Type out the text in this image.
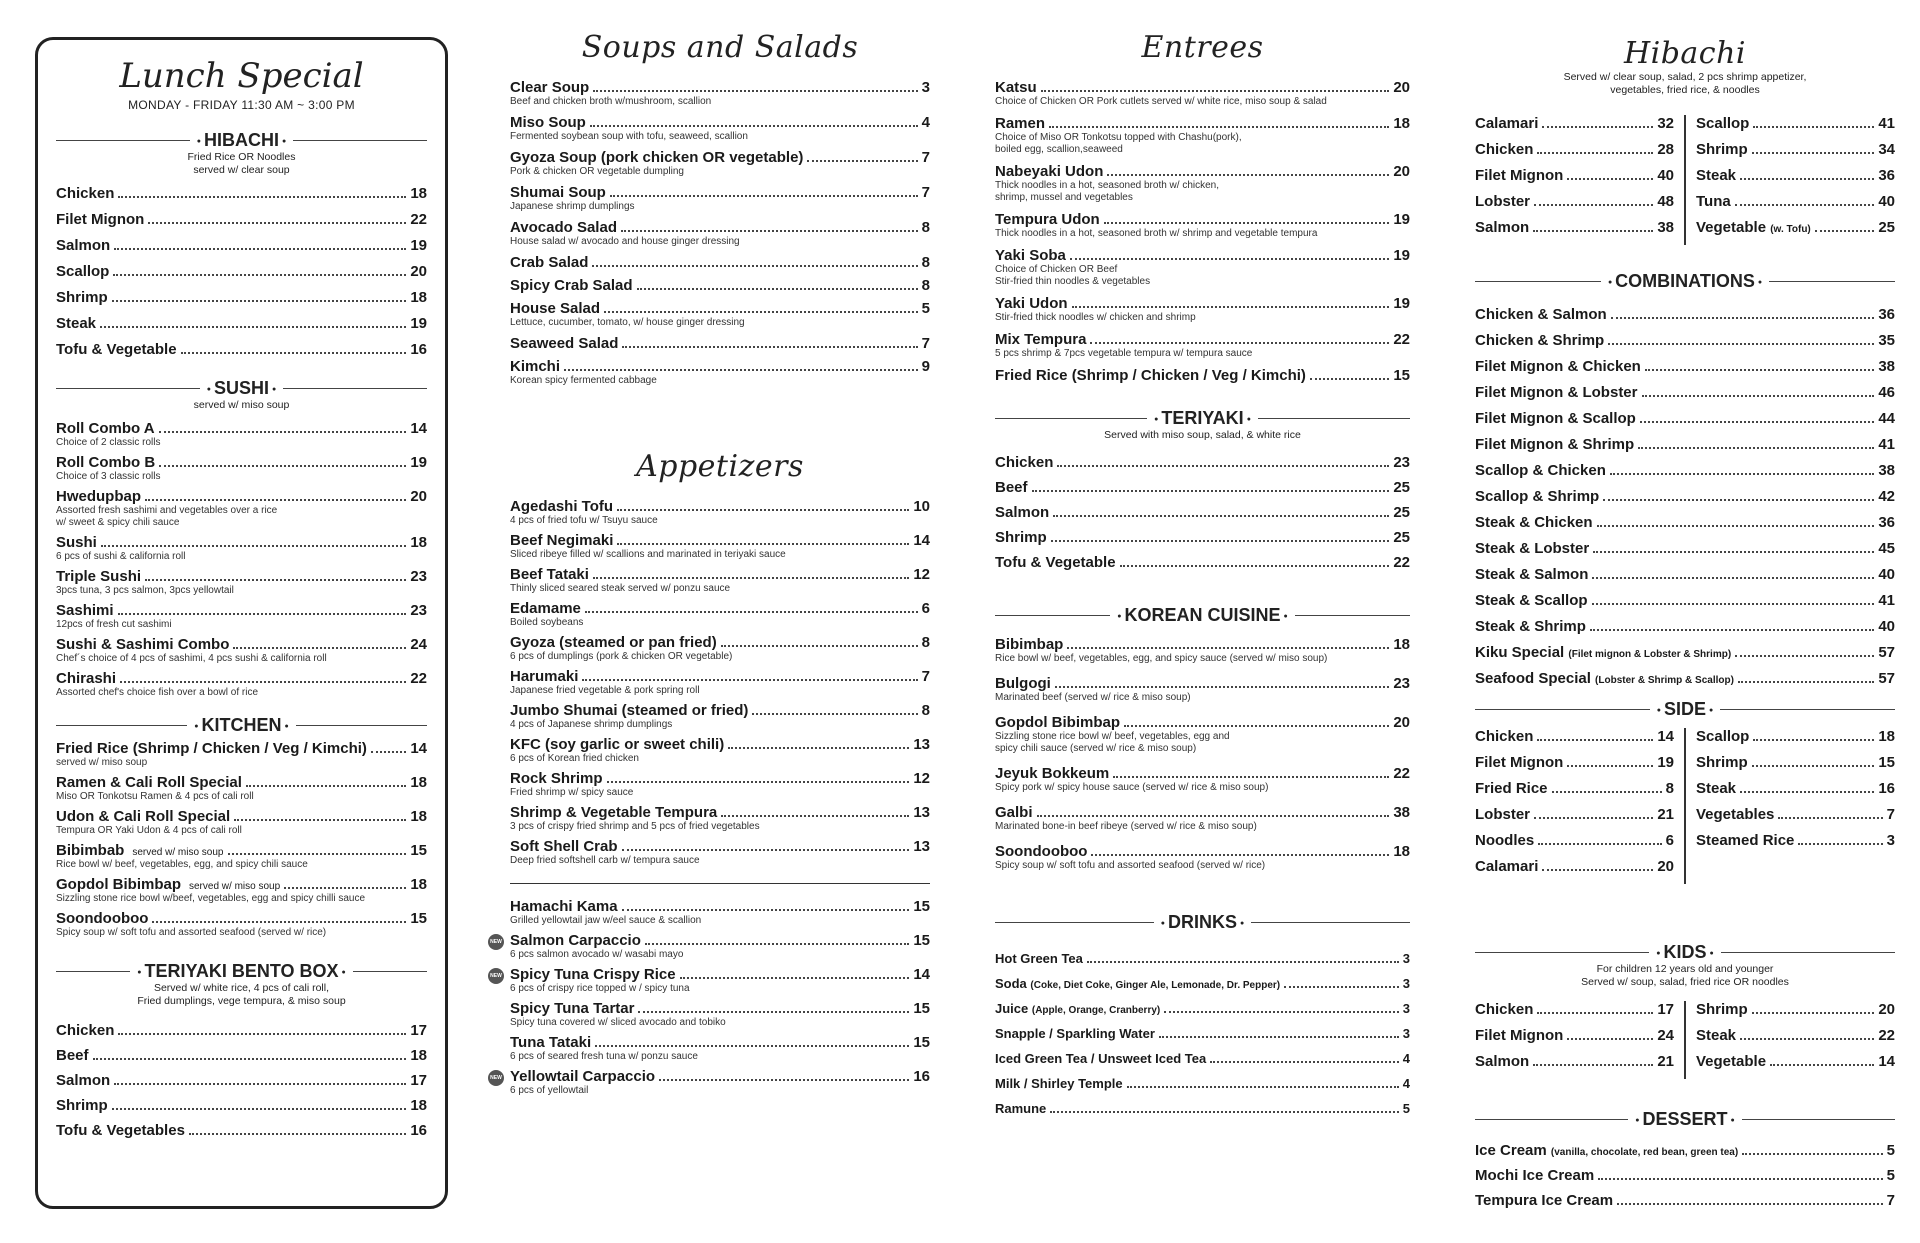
Lunch Special
MONDAY - FRIDAY 11:30 AM ~ 3:00 PM
● HIBACHI ●
Fried Rice OR Noodles
served w/ clear soup
Chicken	18
Filet Mignon	22
Salmon	19
Scallop	20
Shrimp	18
Steak	19
Tofu & Vegetable	16
● SUSHI ●
served w/ miso soup
Roll Combo A	14
Choice of 2 classic rolls
Roll Combo B	19
Choice of 3 classic rolls
Hwedupbap	20
Assorted fresh sashimi and vegetables over a rice
w/ sweet & spicy chili sauce
Sushi	18
6 pcs of sushi & california roll
Triple Sushi	23
3pcs tuna, 3 pcs salmon, 3pcs yellowtail
Sashimi	23
12pcs of fresh cut sashimi
Sushi & Sashimi Combo	24
Chef´s choice of 4 pcs of sashimi, 4 pcs sushi & california roll
Chirashi	22
Assorted chef's choice fish over a bowl of rice
● KITCHEN ●
Fried Rice (Shrimp / Chicken / Veg / Kimchi)	14
served w/ miso soup
Ramen & Cali Roll Special	18
Miso OR Tonkotsu Ramen & 4 pcs of cali roll
Udon & Cali Roll Special	18
Tempura OR Yaki Udon & 4 pcs of cali roll
Bibimbab served w/ miso soup	15
Rice bowl w/ beef, vegetables, egg, and spicy chili sauce
Gopdol Bibimbap served w/ miso soup	18
Sizzling stone rice bowl w/beef, vegetables, egg and spicy chilli sauce
Soondooboo	15
Spicy soup w/ soft tofu and assorted seafood (served w/ rice)
● TERIYAKI BENTO BOX ●
Served w/ white rice, 4 pcs of cali roll,
Fried dumplings, vege tempura, & miso soup
Chicken	17
Beef	18
Salmon	17
Shrimp	18
Tofu & Vegetables	16
Soups and Salads
Clear Soup	3
Beef and chicken broth w/mushroom, scallion
Miso Soup	4
Fermented soybean soup with tofu, seaweed, scallion
Gyoza Soup (pork chicken OR vegetable)	7
Pork & chicken OR vegetable dumpling
Shumai Soup	7
Japanese shrimp dumplings
Avocado Salad	8
House salad w/ avocado and house ginger dressing
Crab Salad	8
Spicy Crab Salad	8
House Salad	5
Lettuce, cucumber, tomato, w/ house ginger dressing
Seaweed Salad	7
Kimchi	9
Korean spicy fermented cabbage
Appetizers
Agedashi Tofu	10
4 pcs of fried tofu w/ Tsuyu sauce
Beef Negimaki	14
Sliced ribeye filled w/ scallions and marinated in teriyaki sauce
Beef Tataki	12
Thinly sliced seared steak served w/ ponzu sauce
Edamame	6
Boiled soybeans
Gyoza (steamed or pan fried)	8
6 pcs of dumplings (pork & chicken OR vegetable)
Harumaki	7
Japanese fried vegetable & pork spring roll
Jumbo Shumai (steamed or fried)	8
4 pcs of Japanese shrimp dumplings
KFC (soy garlic or sweet chili)	13
6 pcs of Korean fried chicken
Rock Shrimp	12
Fried shrimp w/ spicy sauce
Shrimp & Vegetable Tempura	13
3 pcs of crispy fried shrimp and 5 pcs of fried vegetables
Soft Shell Crab	13
Deep fried softshell carb w/ tempura sauce
Hamachi Kama	15
Grilled yellowtail jaw w/eel sauce & scallion
NEW Salmon Carpaccio	15
6 pcs salmon avocado w/ wasabi mayo
NEW Spicy Tuna Crispy Rice	14
6 pcs of crispy rice topped w / spicy tuna
Spicy Tuna Tartar	15
Spicy tuna covered w/ sliced avocado and tobiko
Tuna Tataki	15
6 pcs of seared fresh tuna w/ ponzu sauce
NEW Yellowtail Carpaccio	16
6 pcs of yellowtail
Entrees
Katsu	20
Choice of Chicken OR Pork cutlets served w/ white rice, miso soup & salad
Ramen	18
Choice of Miso OR Tonkotsu topped with Chashu(pork),
boiled egg, scallion,seaweed
Nabeyaki Udon	20
Thick noodles in a hot, seasoned broth w/ chicken,
shrimp, mussel and vegetables
Tempura Udon	19
Thick noodles in a hot, seasoned broth w/ shrimp and vegetable tempura
Yaki Soba	19
Choice of Chicken OR Beef
Stir-fried thin noodles & vegetables
Yaki Udon	19
Stir-fried thick noodles w/ chicken and shrimp
Mix Tempura	22
5 pcs shrimp & 7pcs vegetable tempura w/ tempura sauce
Fried Rice (Shrimp / Chicken / Veg / Kimchi)	15
● TERIYAKI ●
Served with miso soup, salad, & white rice
Chicken	23
Beef	25
Salmon	25
Shrimp	25
Tofu & Vegetable	22
● KOREAN CUISINE ●
Bibimbap	18
Rice bowl w/ beef, vegetables, egg, and spicy sauce (served w/ miso soup)
Bulgogi	23
Marinated beef (served w/ rice & miso soup)
Gopdol Bibimbap	20
Sizzling stone rice bowl w/ beef, vegetables, egg and
spicy chili sauce (served w/ rice & miso soup)
Jeyuk Bokkeum	22
Spicy pork w/ spicy house sauce (served w/ rice & miso soup)
Galbi	38
Marinated bone-in beef ribeye (served w/ rice & miso soup)
Soondooboo	18
Spicy soup w/ soft tofu and assorted seafood (served w/ rice)
● DRINKS ●
Hot Green Tea	3
Soda (Coke, Diet Coke, Ginger Ale, Lemonade, Dr. Pepper)	3
Juice (Apple, Orange, Cranberry)	3
Snapple / Sparkling Water	3
Iced Green Tea / Unsweet Iced Tea	4
Milk / Shirley Temple	4
Ramune	5
Hibachi
Served w/ clear soup, salad, 2 pcs shrimp appetizer,
vegetables, fried rice, & noodles
Calamari	32
Chicken	28
Filet Mignon	40
Lobster	48
Salmon	38
Scallop	41
Shrimp	34
Steak	36
Tuna	40
Vegetable (w. Tofu)	25
● COMBINATIONS ●
Chicken & Salmon	36
Chicken & Shrimp	35
Filet Mignon & Chicken	38
Filet Mignon & Lobster	46
Filet Mignon & Scallop	44
Filet Mignon & Shrimp	41
Scallop & Chicken	38
Scallop & Shrimp	42
Steak & Chicken	36
Steak & Lobster	45
Steak & Salmon	40
Steak & Scallop	41
Steak & Shrimp	40
Kiku Special (Filet mignon & Lobster & Shrimp)	57
Seafood Special (Lobster & Shrimp & Scallop)	57
● SIDE ●
Chicken	14
Filet Mignon	19
Fried Rice	8
Lobster	21
Noodles	6
Calamari	20
Scallop	18
Shrimp	15
Steak	16
Vegetables	7
Steamed Rice	3
● KIDS ●
For children 12 years old and younger
Served w/ soup, salad, fried rice OR noodles
Chicken	17
Filet Mignon	24
Salmon	21
Shrimp	20
Steak	22
Vegetable	14
● DESSERT ●
Ice Cream (vanilla, chocolate, red bean, green tea)	5
Mochi Ice Cream	5
Tempura Ice Cream	7
